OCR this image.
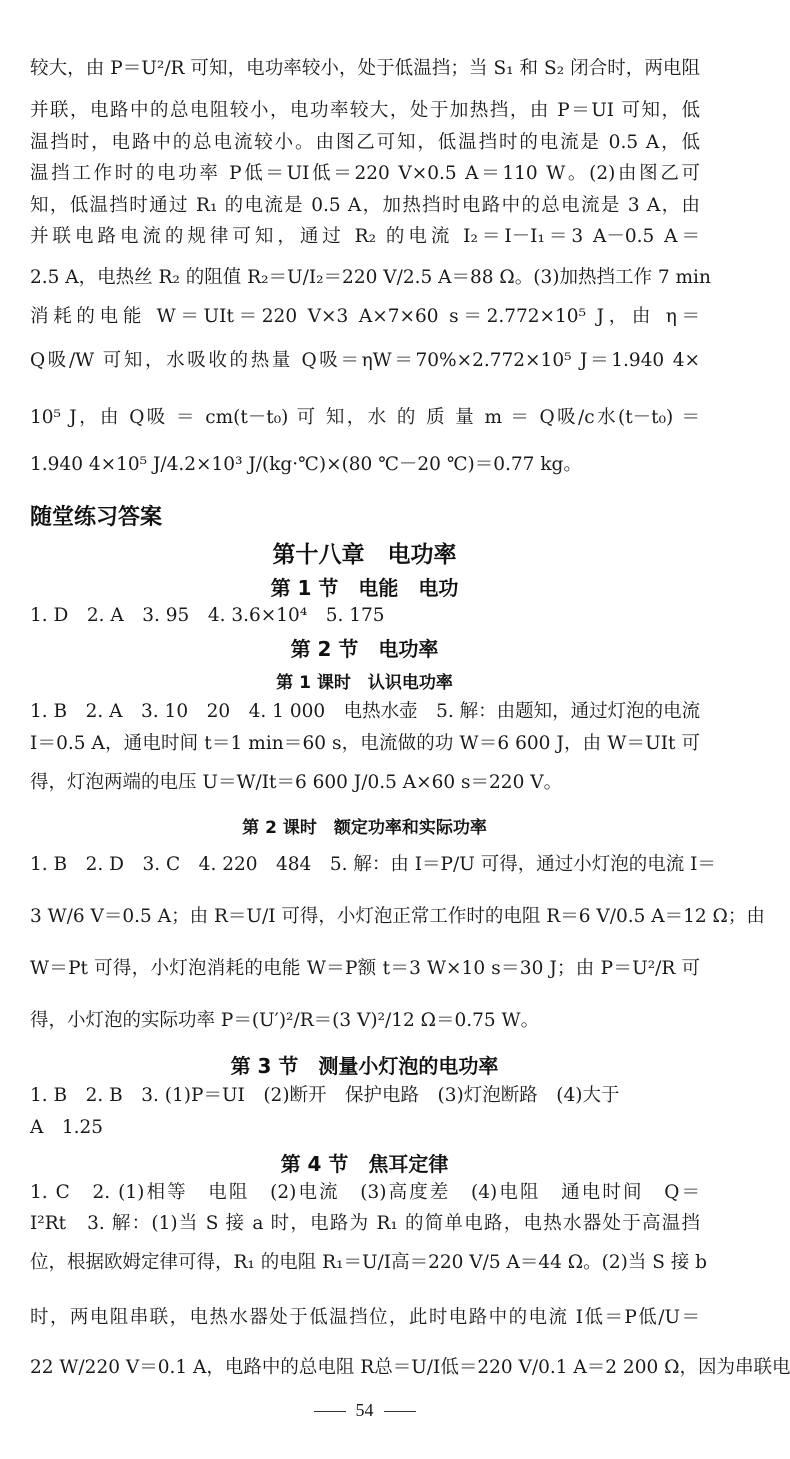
较大，由 P＝U²/R 可知，电功率较小，处于低温挡；当 S₁ 和 S₂ 闭合时，两电阻
并联，电路中的总电阻较小，电功率较大，处于加热挡，由 P＝UI 可知，低
温挡时，电路中的总电流较小。由图乙可知，低温挡时的电流是 0.5 A，低
温挡工作时的电功率 P低＝UI低＝220 V×0.5 A＝110 W。(2)由图乙可
知，低温挡时通过 R₁ 的电流是 0.5 A，加热挡时电路中的总电流是 3 A，由
并联电路电流的规律可知，通过 R₂ 的电流 I₂＝I－I₁＝3 A－0.5 A＝
2.5 A，电热丝 R₂ 的阻值 R₂＝U/I₂＝220 V/2.5 A＝88 Ω。(3)加热挡工作 7 min
消耗的电能 W＝UIt＝220 V×3 A×7×60 s＝2.772×10⁵ J，由 η＝
Q吸/W 可知，水吸收的热量 Q吸＝ηW＝70%×2.772×10⁵ J＝1.940 4×
10⁵ J，由 Q吸 ＝ cm(t－t₀) 可 知，水 的 质 量 m ＝ Q吸/c水(t－t₀) ＝
1.940 4×10⁵ J/4.2×10³ J/(kg·℃)×(80 ℃－20 ℃)＝0.77 kg。
随堂练习答案
第十八章　电功率
第 1 节　电能　电功
1. D　2. A　3. 95　4. 3.6×10⁴　5. 175
第 2 节　电功率
第 1 课时　认识电功率
1. B　2. A　3. 10　20　4. 1 000　电热水壶　5. 解：由题知，通过灯泡的电流
I＝0.5 A，通电时间 t＝1 min＝60 s，电流做的功 W＝6 600 J，由 W＝UIt 可
得，灯泡两端的电压 U＝W/It＝6 600 J/0.5 A×60 s＝220 V。
第 2 课时　额定功率和实际功率
1. B　2. D　3. C　4. 220　484　5. 解：由 I＝P/U 可得，通过小灯泡的电流 I＝
3 W/6 V＝0.5 A；由 R＝U/I 可得，小灯泡正常工作时的电阻 R＝6 V/0.5 A＝12 Ω；由
W＝Pt 可得，小灯泡消耗的电能 W＝P额 t＝3 W×10 s＝30 J；由 P＝U²/R 可
得，小灯泡的实际功率 P＝(U′)²/R＝(3 V)²/12 Ω＝0.75 W。
第 3 节　测量小灯泡的电功率
1. B　2. B　3. (1)P＝UI　(2)断开　保护电路　(3)灯泡断路　(4)大于
A　1.25
第 4 节　焦耳定律
1. C　2. (1)相等　电阻　(2)电流　(3)高度差　(4)电阻　通电时间　Q＝
I²Rt　3. 解：(1)当 S 接 a 时，电路为 R₁ 的简单电路，电热水器处于高温挡
位，根据欧姆定律可得，R₁ 的电阻 R₁＝U/I高＝220 V/5 A＝44 Ω。(2)当 S 接 b
时，两电阻串联，电热水器处于低温挡位，此时电路中的电流 I低＝P低/U＝
22 W/220 V＝0.1 A，电路中的总电阻 R总＝U/I低＝220 V/0.1 A＝2 200 Ω，因为串联电
54
